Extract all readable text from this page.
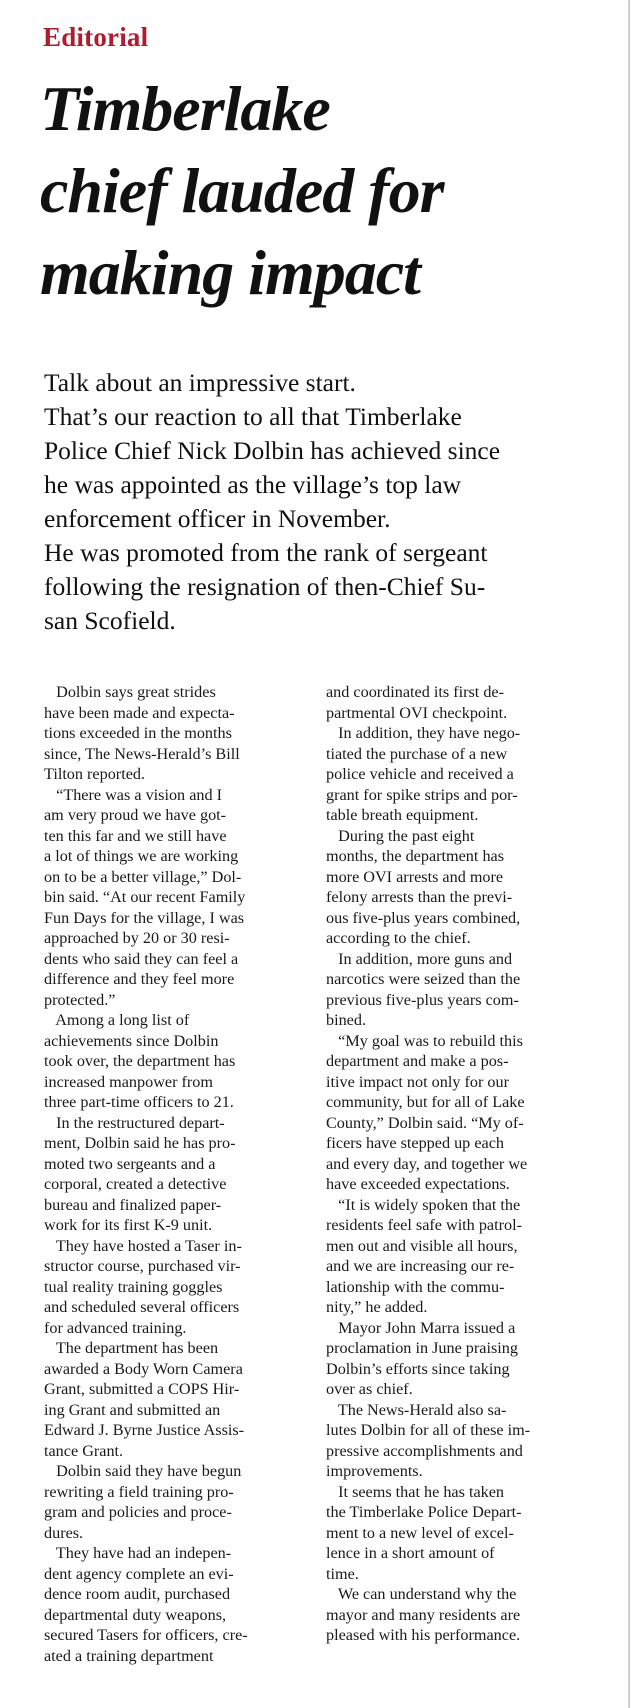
Editorial
Timberlake
chief lauded for
making impact

Talk about an impressive start.

That’s our reaction to all that Timberlake

Police Chief Nick Dolbin has achieved since

he was appointed as the village’s top law

enforcement officer in November.

He was promoted from the rank of sergeant

following the resignation of then-Chief Su-

san Scofield.

Dolbin says great strides

have been made and expecta-

tions exceeded in the months

since, The News-Herald’s Bill

Tilton reported.

“There was a vision and I

am very proud we have got-

ten this far and we still have

a lot of things we are working

on to be a better village,” Dol-

bin said. “At our recent Family

Fun Days for the village, I was

approached by 20 or 30 resi-

dents who said they can feel a

difference and they feel more

protected.”

Among a long list of

achievements since Dolbin

took over, the department has

increased manpower from

three part-time officers to 21.

In the restructured depart-

ment, Dolbin said he has pro-

moted two sergeants and a

corporal, created a detective

bureau and finalized paper-

work for its first K-9 unit.

They have hosted a Taser in-

structor course, purchased vir-

tual reality training goggles

and scheduled several officers

for advanced training.

The department has been

awarded a Body Worn Camera

Grant, submitted a COPS Hir-

ing Grant and submitted an

Edward J. Byrne Justice Assis-

tance Grant.

Dolbin said they have begun

rewriting a field training pro-

gram and policies and proce-

dures.

They have had an indepen-

dent agency complete an evi-

dence room audit, purchased

departmental duty weapons,

secured Tasers for officers, cre-

ated a training department

and coordinated its first de-

partmental OVI checkpoint.

In addition, they have nego-

tiated the purchase of a new

police vehicle and received a

grant for spike strips and por-

table breath equipment.

During the past eight

months, the department has

more OVI arrests and more

felony arrests than the previ-

ous five-plus years combined,

according to the chief.

In addition, more guns and

narcotics were seized than the

previous five-plus years com-

bined.

“My goal was to rebuild this

department and make a pos-

itive impact not only for our

community, but for all of Lake

County,” Dolbin said. “My of-

ficers have stepped up each

and every day, and together we

have exceeded expectations.

“It is widely spoken that the

residents feel safe with patrol-

men out and visible all hours,

and we are increasing our re-

lationship with the commu-

nity,” he added.

Mayor John Marra issued a

proclamation in June praising

Dolbin’s efforts since taking

over as chief.

The News-Herald also sa-

lutes Dolbin for all of these im-

pressive accomplishments and

improvements.

It seems that he has taken

the Timberlake Police Depart-

ment to a new level of excel-

lence in a short amount of

time.

We can understand why the

mayor and many residents are

pleased with his performance.
